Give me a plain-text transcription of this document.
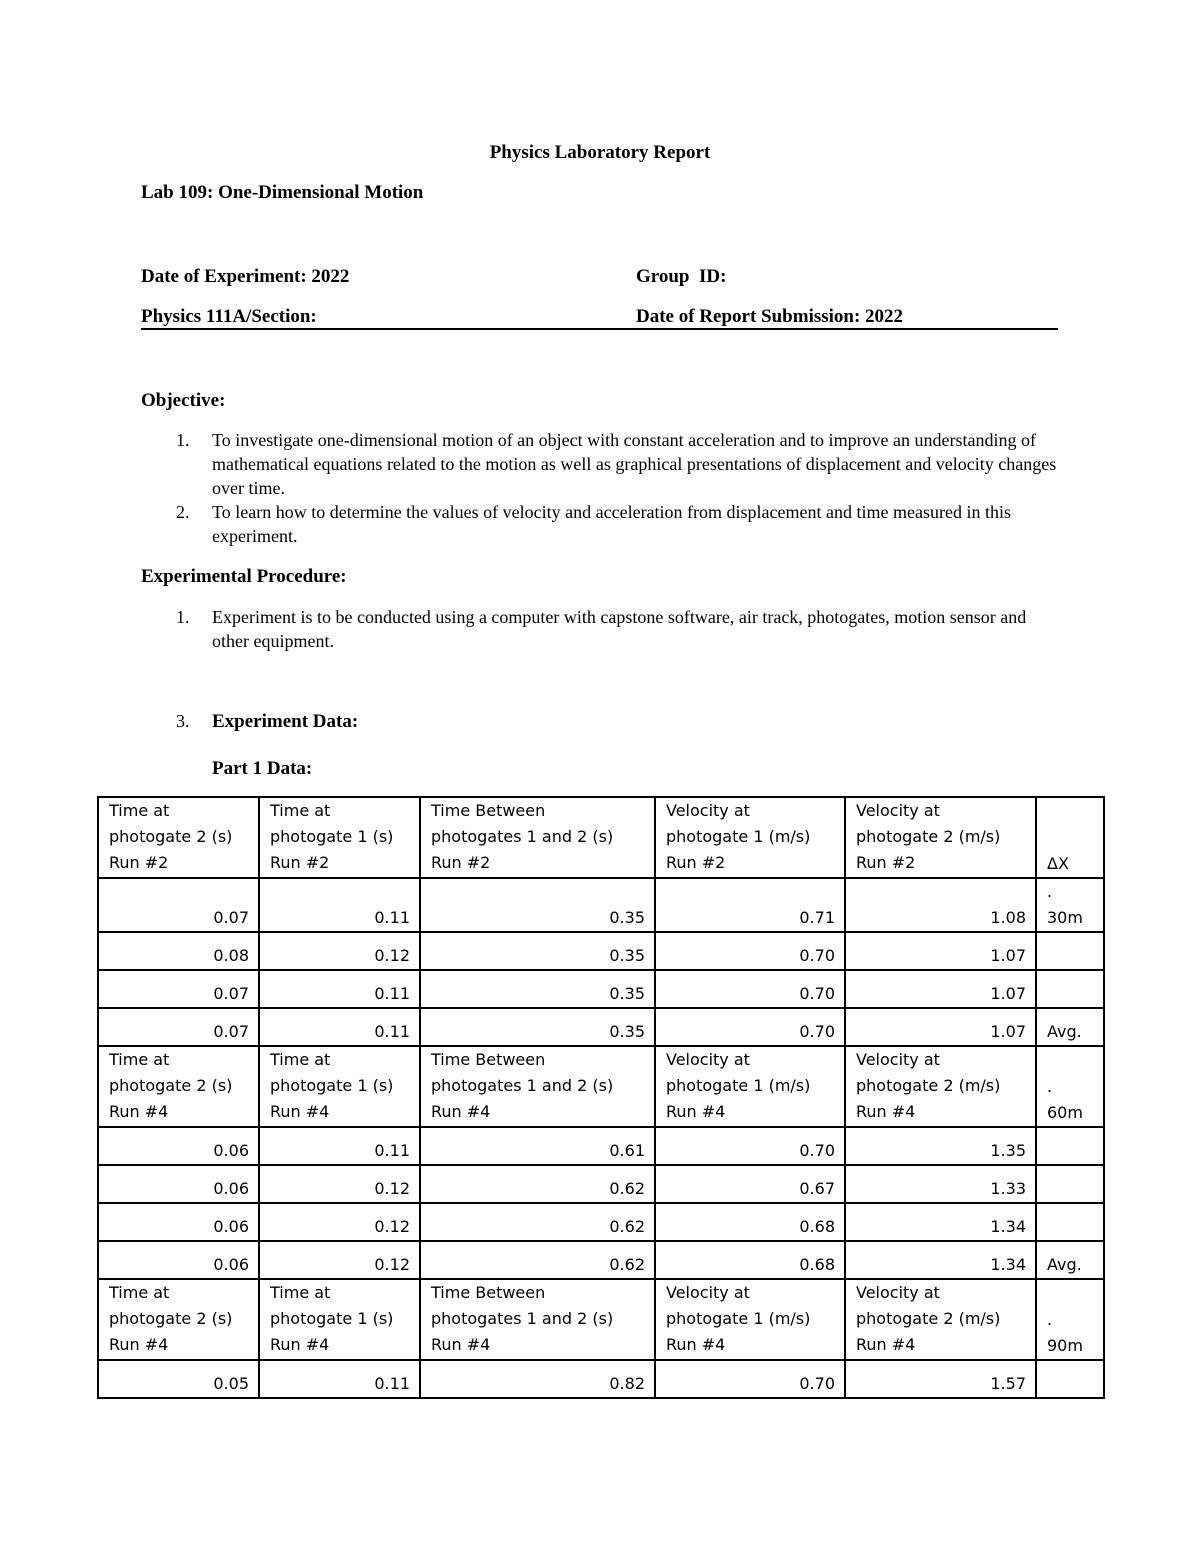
Physics Laboratory Report
Lab 109: One-Dimensional Motion
Date of Experiment: 2022	Group  ID:
Physics 111A/Section:	Date of Report Submission: 2022
Objective:
1. To investigate one-dimensional motion of an object with constant acceleration and to improve an understanding of mathematical equations related to the motion as well as graphical presentations of displacement and velocity changes over time.
2. To learn how to determine the values of velocity and acceleration from displacement and time measured in this experiment.
Experimental Procedure:
1. Experiment is to be conducted using a computer with capstone software, air track, photogates, motion sensor and other equipment.
3. Experiment Data:
Part 1 Data:
Time at
photogate 2 (s)
Run #2	Time at
photogate 1 (s)
Run #2	Time Between
photogates 1 and 2 (s)
Run #2	Velocity at
photogate 1 (m/s)
Run #2	Velocity at
photogate 2 (m/s)
Run #2	ΔX

0.07	0.11	0.35	0.71	1.08	.
30m

0.08	0.12	0.35	0.70	1.07	

0.07	0.11	0.35	0.70	1.07	

0.07	0.11	0.35	0.70	1.07	Avg.

Time at
photogate 2 (s)
Run #4	Time at
photogate 1 (s)
Run #4	Time Between
photogates 1 and 2 (s)
Run #4	Velocity at
photogate 1 (m/s)
Run #4	Velocity at
photogate 2 (m/s)
Run #4	.
60m

0.06	0.11	0.61	0.70	1.35	

0.06	0.12	0.62	0.67	1.33	

0.06	0.12	0.62	0.68	1.34	

0.06	0.12	0.62	0.68	1.34	Avg.

Time at
photogate 2 (s)
Run #4	Time at
photogate 1 (s)
Run #4	Time Between
photogates 1 and 2 (s)
Run #4	Velocity at
photogate 1 (m/s)
Run #4	Velocity at
photogate 2 (m/s)
Run #4	.
90m

0.05	0.11	0.82	0.70	1.57	
